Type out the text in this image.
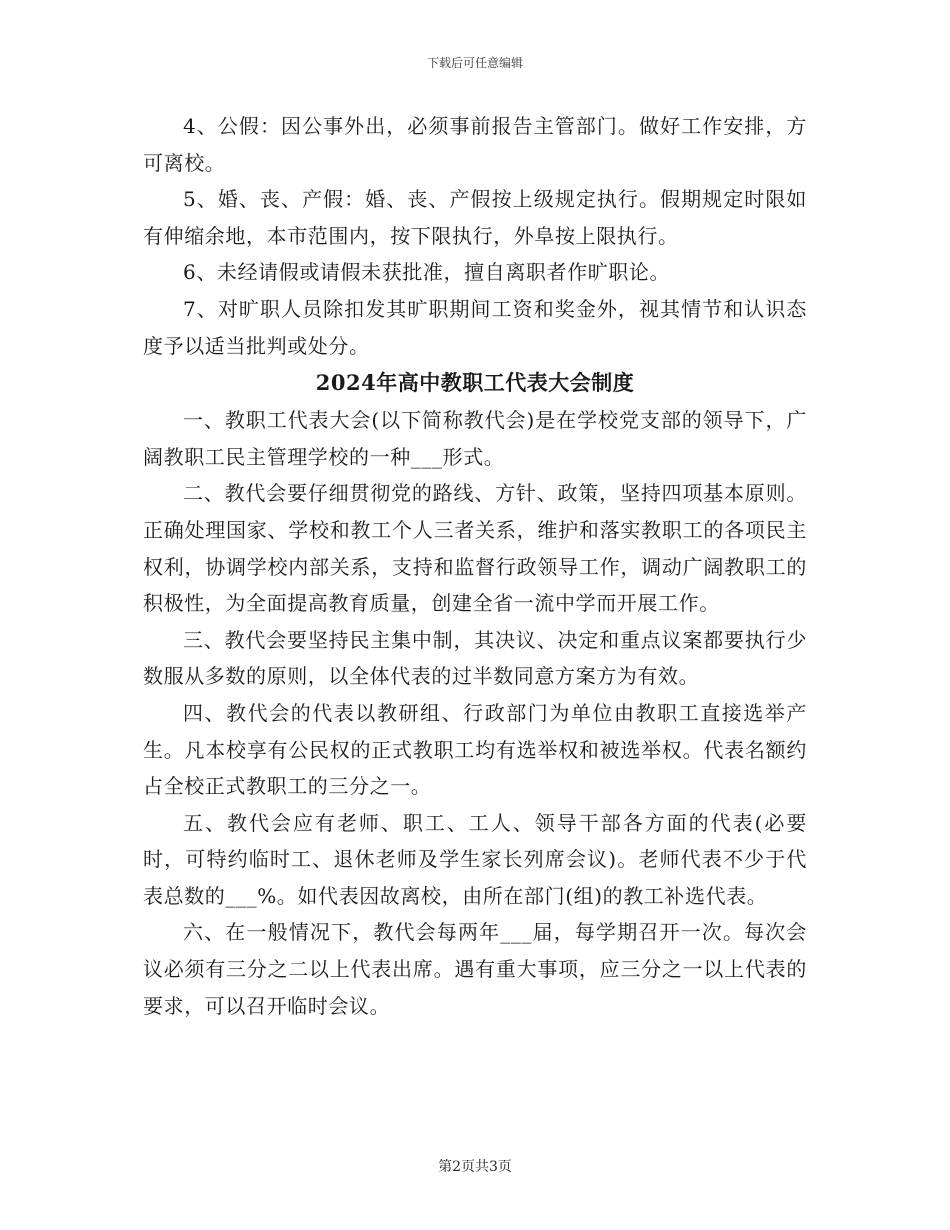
下载后可任意编辑

4、公假：因公事外出，必须事前报告主管部门。做好工作安排，方可离校。

5、婚、丧、产假：婚、丧、产假按上级规定执行。假期规定时限如有伸缩余地，本市范围内，按下限执行，外阜按上限执行。

6、未经请假或请假未获批准，擅自离职者作旷职论。

7、对旷职人员除扣发其旷职期间工资和奖金外，视其情节和认识态度予以适当批判或处分。

2024年高中教职工代表大会制度

一、教职工代表大会(以下简称教代会)是在学校党支部的领导下，广阔教职工民主管理学校的一种___形式。

二、教代会要仔细贯彻党的路线、方针、政策，坚持四项基本原则。正确处理国家、学校和教工个人三者关系，维护和落实教职工的各项民主权利，协调学校内部关系，支持和监督行政领导工作，调动广阔教职工的积极性，为全面提高教育质量，创建全省一流中学而开展工作。

三、教代会要坚持民主集中制，其决议、决定和重点议案都要执行少数服从多数的原则，以全体代表的过半数同意方案方为有效。

四、教代会的代表以教研组、行政部门为单位由教职工直接选举产生。凡本校享有公民权的正式教职工均有选举权和被选举权。代表名额约占全校正式教职工的三分之一。

五、教代会应有老师、职工、工人、领导干部各方面的代表(必要时，可特约临时工、退休老师及学生家长列席会议)。老师代表不少于代表总数的___%。如代表因故离校，由所在部门(组)的教工补选代表。

六、在一般情况下，教代会每两年___届，每学期召开一次。每次会议必须有三分之二以上代表出席。遇有重大事项，应三分之一以上代表的要求，可以召开临时会议。

第2页共3页
